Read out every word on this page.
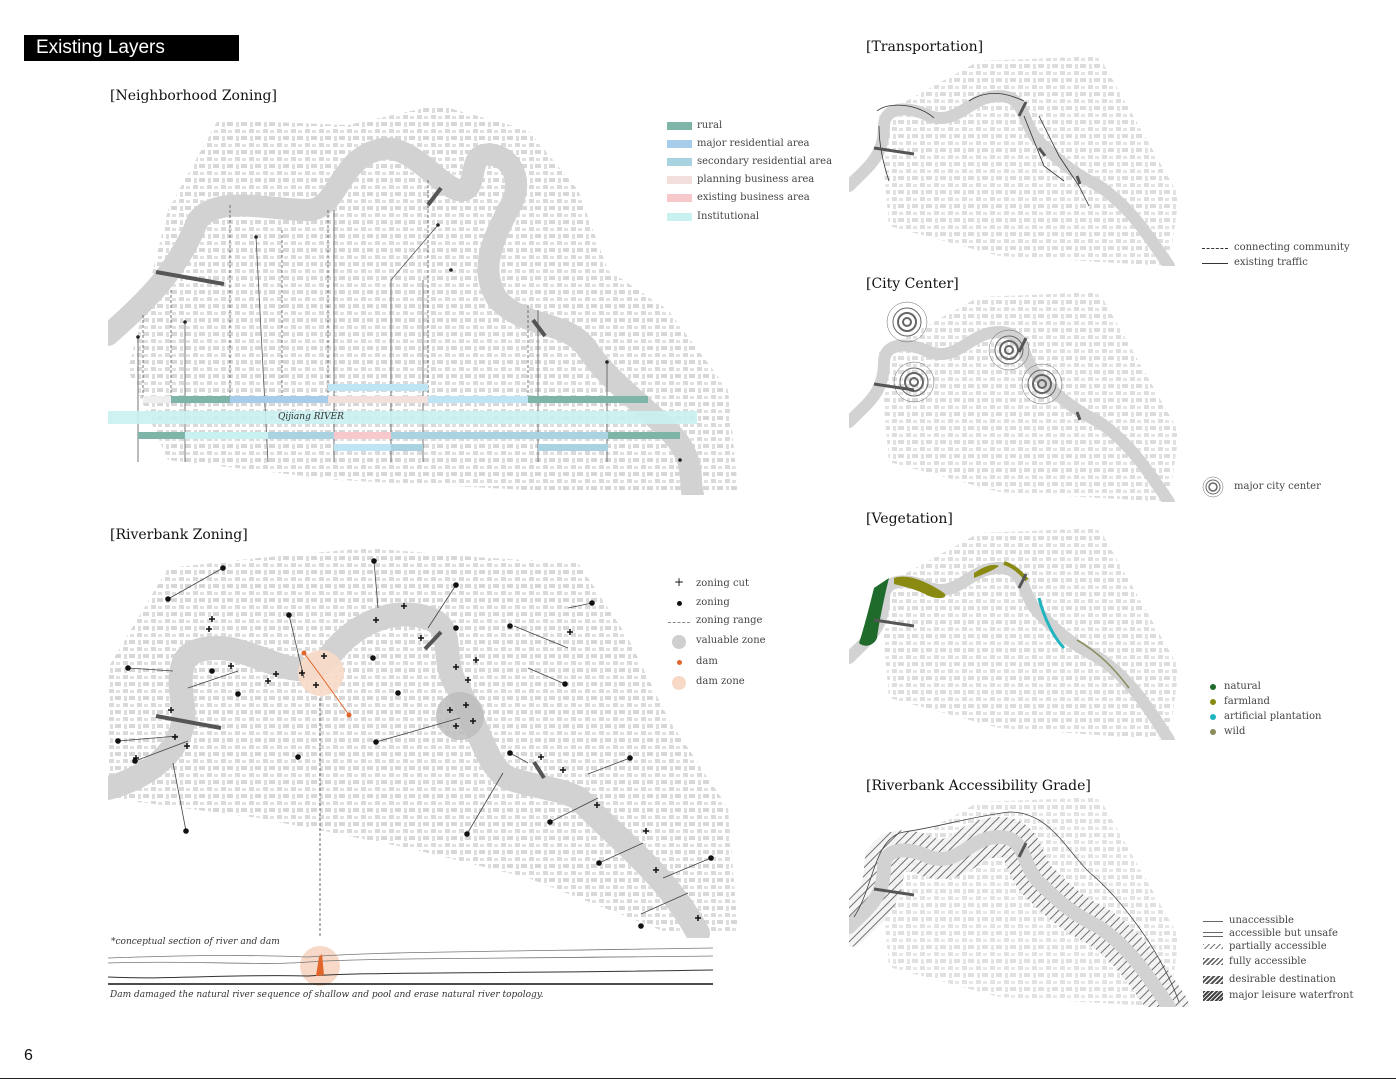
Existing Layers Analysis
[Neighborhood Zoning]
Qijiang RIVER
rural
major residential area
secondary residential area
planning business area
existing business area
Institutional
[Riverbank Zoning]
+ zoning cut
zoning
zoning range
valuable zone
dam
dam zone
*conceptual section of river and dam
Dam damaged the natural river sequence of shallow and pool and erase natural river topology.
[Transportation]
connecting community
existing traffic
[City Center]
major city center
[Vegetation]
natural
farmland
artificial plantation
wild
[Riverbank Accessibility Grade]
unaccessible
accessible but unsafe
partially accessible
fully accessible
desirable destination
major leisure waterfront
6
